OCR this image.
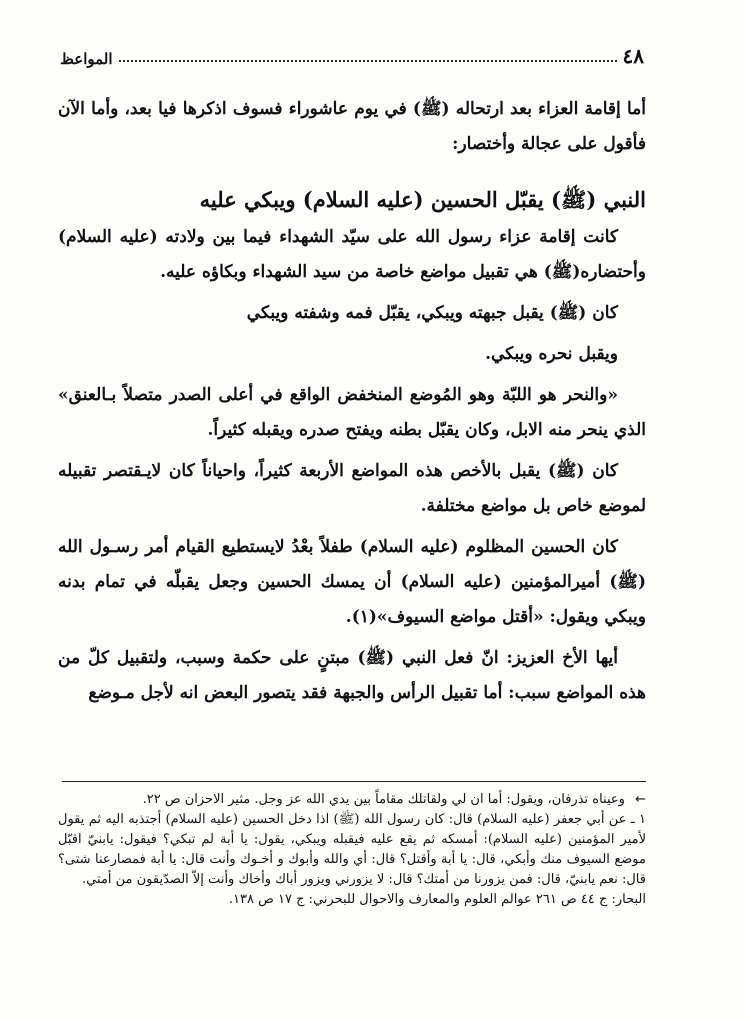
٤٨
المواعظ

أما إقامة العزاء بعد ارتحاله (ﷺ) في يوم عاشوراء فسوف اذكرها فيا بعد، وأما الآن فأقول على عجالة وأختصار:

النبي (ﷺ) يقبّل الحسين (عليه السلام) ويبكي عليه

كانت إقامة عزاء رسول الله على سيّد الشهداء فيما بين ولادته (عليه السلام) وأحتضاره(ﷺ) هي تقبيل مواضع خاصة من سيد الشهداء وبكاؤه عليه.

كان (ﷺ) يقبل جبهته ويبكي، يقبّل فمه وشفته ويبكي

ويقبل نحره ويبكي.

«والنحر هو اللبّة وهو المُوضع المنخفض الواقع في أعلى الصدر متصلاً بـالعنق» الذي ينحر منه الابل، وكان يقبّل بطنه ويفتح صدره ويقبله كثيراً.

كان (ﷺ) يقبل بالأخص هذه المواضع الأربعة كثيراً، واحياناً كان لايـقتصر تقبيله لموضع خاص بل مواضع مختلفة.

كان الحسين المظلوم (عليه السلام) طفلاً بعْدُ لايستطيع القيام أمر رسـول الله (ﷺ) أميرالمؤمنين (عليه السلام) أن يمسك الحسين وجعل يقبلّه في تمام بدنه ويبكي ويقول: «أقتل مواضع السيوف»(١).

أيها الأخ العزيز: انّ فعل النبي (ﷺ) مبتنٍ على حكمة وسبب، ولتقبيل كلّ من هذه المواضع سبب: أما تقبيل الرأس والجبهة فقد يتصور البعض انه لأجل مـوضع

← وعيناه تذرفان، ويقول: أما ان لي ولقاتلك مقاماً بين يدي الله عز وجل. مثير الاحزان ص ٢٢.

١ ـ عن أبي جعفر (عليه السلام) قال: كان رسول الله (ﷺ) اذا دخل الحسين (عليه السلام) أجتذبه اليه ثم يقول لأمير المؤمنين (عليه السلام): أمسكه ثم يقع عليه فيقبله ويبكي، يقول: يا أبة لم تبكي؟ فيقول: يابنيّ اقبّل موضع السيوف منك وأبكي، قال: يا أبة وأقتل؟ قال: أي والله وأبوك و أخـوك وأنت قال: يا أبة فمصارعنا شتى؟ قال: نعم يابنيّ، قال: فمن يزورنا من أمتك؟ قال: لا يزورني ويزور أباك وأخاك وأنت إلاّ الصدّيقون من أمتي.

البحار: ج ٤٤ ص ٢٦١ عوالم العلوم والمعارف والاحوال للبحرني: ج ١٧ ص ١٣٨.
